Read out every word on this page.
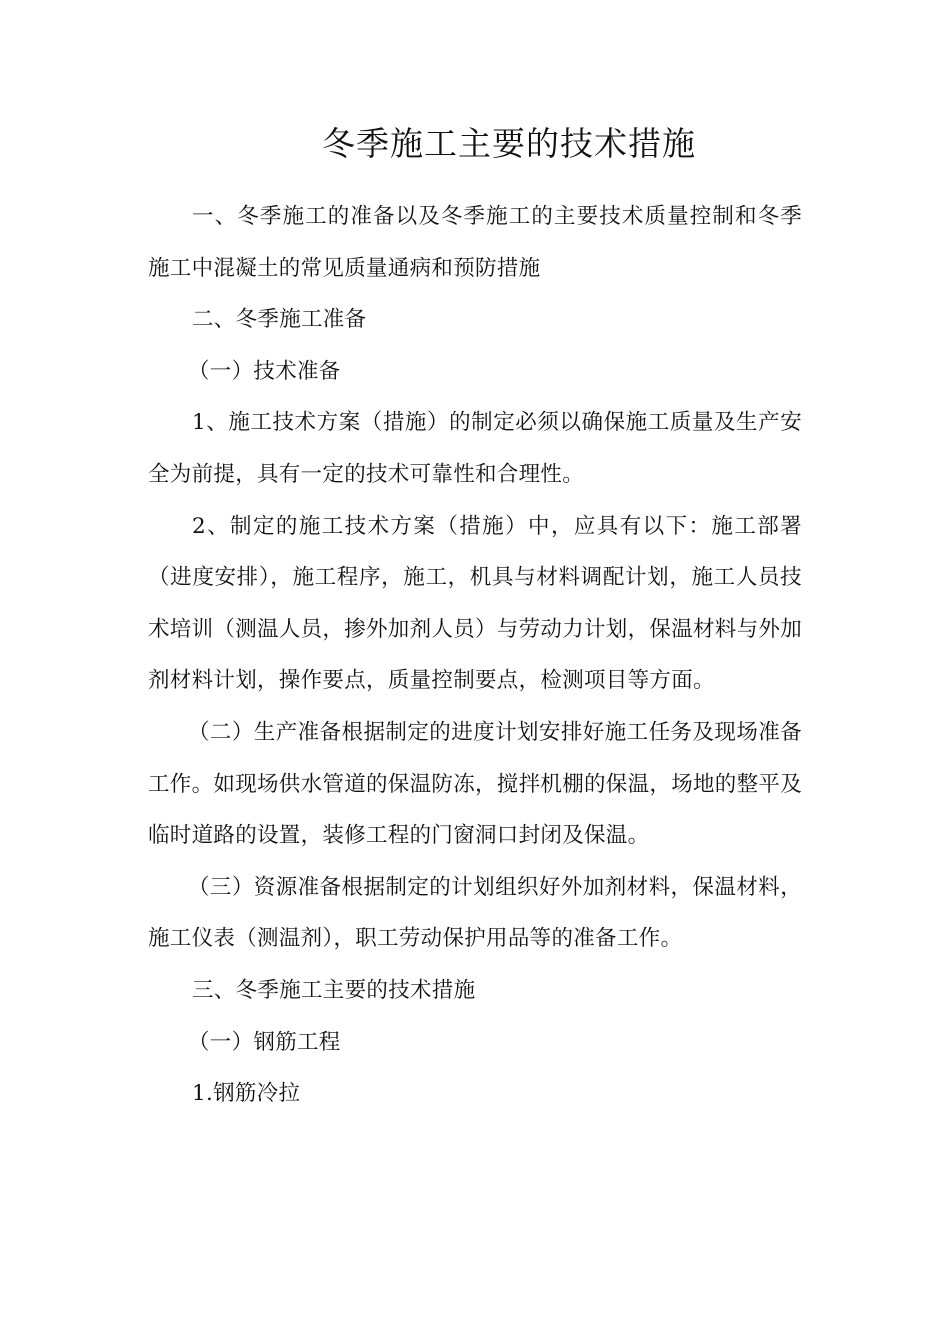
冬季施工主要的技术措施

一、冬季施工的准备以及冬季施工的主要技术质量控制和冬季施工中混凝土的常见质量通病和预防措施

二、冬季施工准备

（一）技术准备

1、施工技术方案（措施）的制定必须以确保施工质量及生产安全为前提，具有一定的技术可靠性和合理性。

2、制定的施工技术方案（措施）中，应具有以下：施工部署（进度安排），施工程序，施工，机具与材料调配计划，施工人员技术培训（测温人员，掺外加剂人员）与劳动力计划，保温材料与外加剂材料计划，操作要点，质量控制要点，检测项目等方面。

（二）生产准备根据制定的进度计划安排好施工任务及现场准备工作。如现场供水管道的保温防冻，搅拌机棚的保温，场地的整平及临时道路的设置，装修工程的门窗洞口封闭及保温。

（三）资源准备根据制定的计划组织好外加剂材料，保温材料，施工仪表（测温剂），职工劳动保护用品等的准备工作。

三、冬季施工主要的技术措施

（一）钢筋工程

1.钢筋冷拉
